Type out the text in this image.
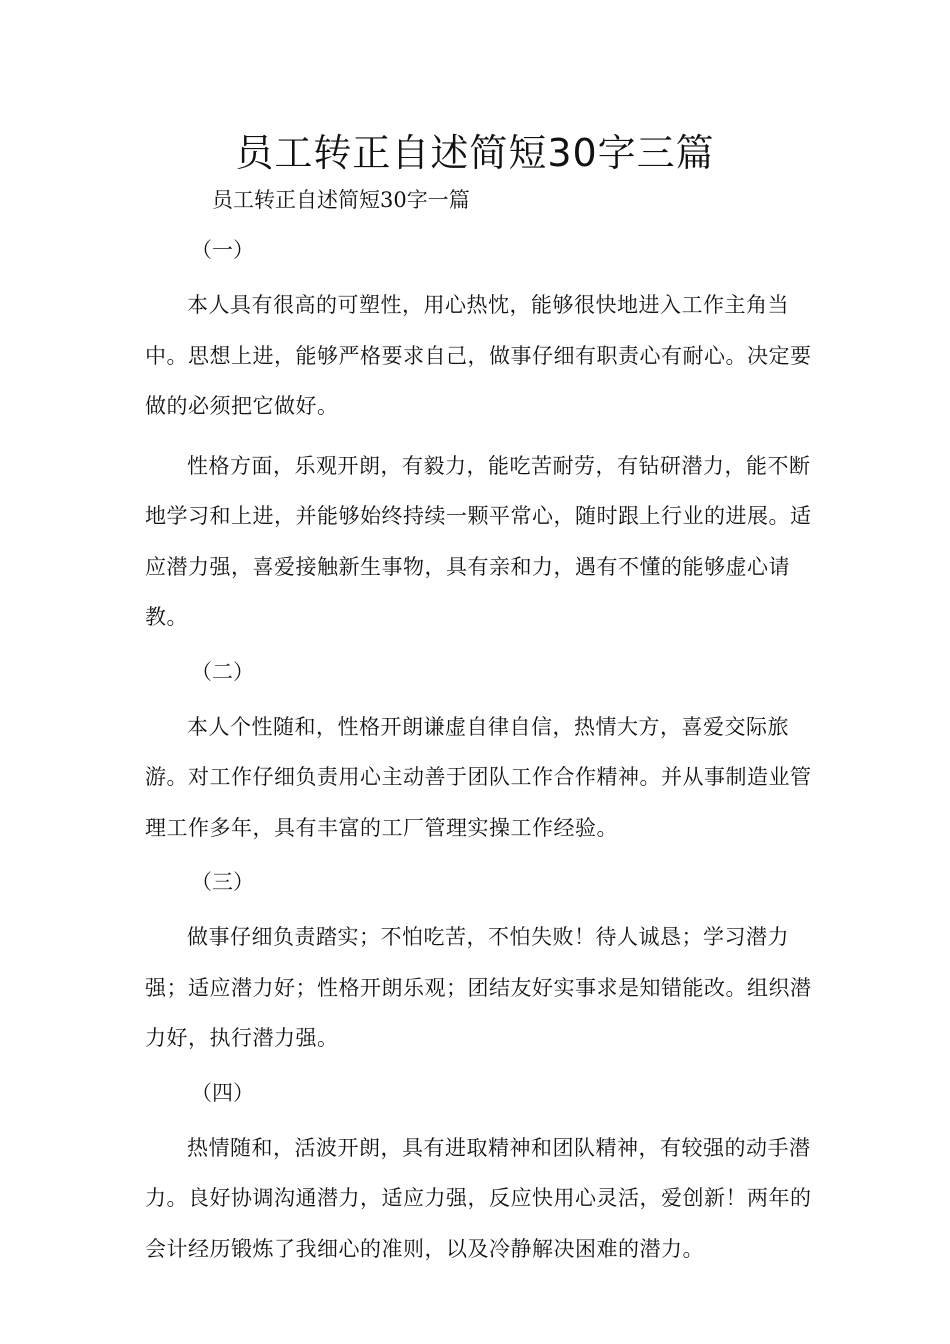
员工转正自述简短30字三篇
员工转正自述简短30字一篇

（一）

本人具有很高的可塑性，用心热忱，能够很快地进入工作主角当中。思想上进，能够严格要求自己，做事仔细有职责心有耐心。决定要做的必须把它做好。

性格方面，乐观开朗，有毅力，能吃苦耐劳，有钻研潜力，能不断地学习和上进，并能够始终持续一颗平常心，随时跟上行业的进展。适应潜力强，喜爱接触新生事物，具有亲和力，遇有不懂的能够虚心请教。

（二）

本人个性随和，性格开朗谦虚自律自信，热情大方，喜爱交际旅游。对工作仔细负责用心主动善于团队工作合作精神。并从事制造业管理工作多年，具有丰富的工厂管理实操工作经验。

（三）

做事仔细负责踏实；不怕吃苦，不怕失败！待人诚恳；学习潜力强；适应潜力好；性格开朗乐观；团结友好实事求是知错能改。组织潜力好，执行潜力强。

（四）

热情随和，活波开朗，具有进取精神和团队精神，有较强的动手潜力。良好协调沟通潜力，适应力强，反应快用心灵活，爱创新！两年的会计经历锻炼了我细心的准则，以及冷静解决困难的潜力。
